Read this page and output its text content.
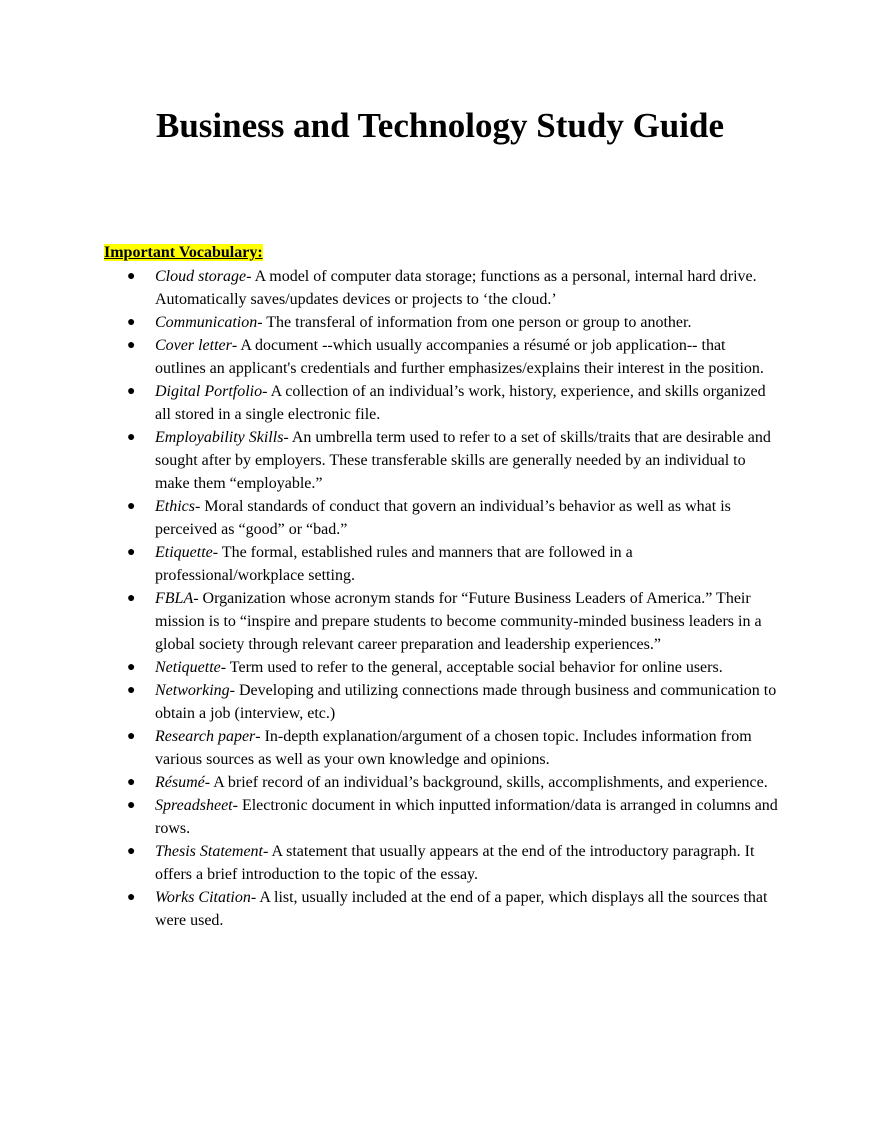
Business and Technology Study Guide

Important Vocabulary:

● Cloud storage- A model of computer data storage; functions as a personal, internal hard drive. Automatically saves/updates devices or projects to ‘the cloud.’
● Communication- The transferal of information from one person or group to another.
● Cover letter- A document --which usually accompanies a résumé or job application-- that outlines an applicant's credentials and further emphasizes/explains their interest in the position.
● Digital Portfolio- A collection of an individual’s work, history, experience, and skills organized all stored in a single electronic file.
● Employability Skills- An umbrella term used to refer to a set of skills/traits that are desirable and sought after by employers. These transferable skills are generally needed by an individual to make them “employable.”
● Ethics- Moral standards of conduct that govern an individual’s behavior as well as what is perceived as “good” or “bad.”
● Etiquette- The formal, established rules and manners that are followed in a professional/workplace setting.
● FBLA- Organization whose acronym stands for “Future Business Leaders of America.” Their mission is to “inspire and prepare students to become community-minded business leaders in a global society through relevant career preparation and leadership experiences.”
● Netiquette- Term used to refer to the general, acceptable social behavior for online users.
● Networking- Developing and utilizing connections made through business and communication to obtain a job (interview, etc.)
● Research paper- In-depth explanation/argument of a chosen topic. Includes information from various sources as well as your own knowledge and opinions.
● Résumé- A brief record of an individual’s background, skills, accomplishments, and experience.
● Spreadsheet- Electronic document in which inputted information/data is arranged in columns and rows.
● Thesis Statement- A statement that usually appears at the end of the introductory paragraph. It offers a brief introduction to the topic of the essay.
● Works Citation- A list, usually included at the end of a paper, which displays all the sources that were used.
